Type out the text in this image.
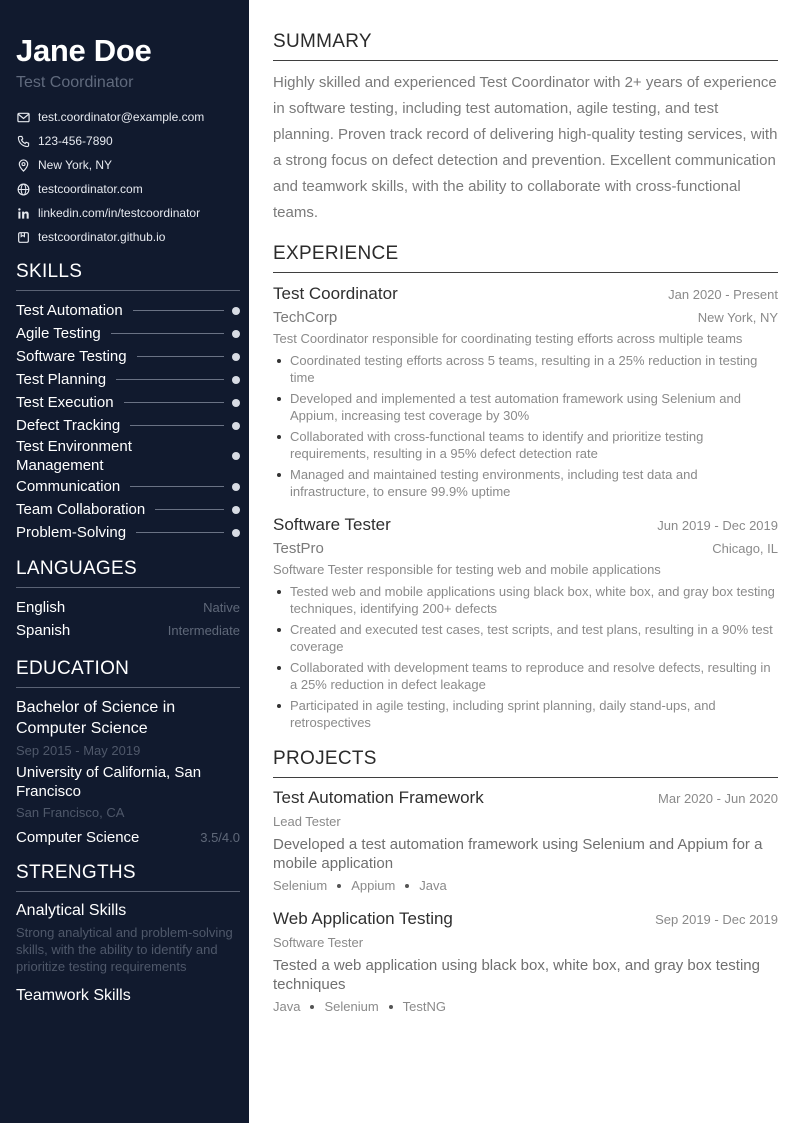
Jane Doe
Test Coordinator
test.coordinator@example.com
123-456-7890
New York, NY
testcoordinator.com
linkedin.com/in/testcoordinator
testcoordinator.github.io
SKILLS
Test Automation
Agile Testing
Software Testing
Test Planning
Test Execution
Defect Tracking
Test Environment Management
Communication
Team Collaboration
Problem-Solving
LANGUAGES
English	Native
Spanish	Intermediate
EDUCATION
Bachelor of Science in Computer Science
Sep 2015 - May 2019
University of California, San Francisco
San Francisco, CA
Computer Science	3.5/4.0
STRENGTHS
Analytical Skills
Strong analytical and problem-solving skills, with the ability to identify and prioritize testing requirements
Teamwork Skills
SUMMARY

Highly skilled and experienced Test Coordinator with 2+ years of experience in software testing, including test automation, agile testing, and test planning. Proven track record of delivering high-quality testing services, with a strong focus on defect detection and prevention. Excellent communication and teamwork skills, with the ability to collaborate with cross-functional teams.

EXPERIENCE
Test Coordinator	Jan 2020 - Present
TechCorp	New York, NY
Test Coordinator responsible for coordinating testing efforts across multiple teams
Coordinated testing efforts across 5 teams, resulting in a 25% reduction in testing time
Developed and implemented a test automation framework using Selenium and Appium, increasing test coverage by 30%
Collaborated with cross-functional teams to identify and prioritize testing requirements, resulting in a 95% defect detection rate
Managed and maintained testing environments, including test data and infrastructure, to ensure 99.9% uptime
Software Tester	Jun 2019 - Dec 2019
TestPro	Chicago, IL
Software Tester responsible for testing web and mobile applications
Tested web and mobile applications using black box, white box, and gray box testing techniques, identifying 200+ defects
Created and executed test cases, test scripts, and test plans, resulting in a 90% test coverage
Collaborated with development teams to reproduce and resolve defects, resulting in a 25% reduction in defect leakage
Participated in agile testing, including sprint planning, daily stand-ups, and retrospectives
PROJECTS
Test Automation Framework	Mar 2020 - Jun 2020
Lead Tester
Developed a test automation framework using Selenium and Appium for a mobile application
Selenium Appium Java
Web Application Testing	Sep 2019 - Dec 2019
Software Tester
Tested a web application using black box, white box, and gray box testing techniques
Java Selenium TestNG
